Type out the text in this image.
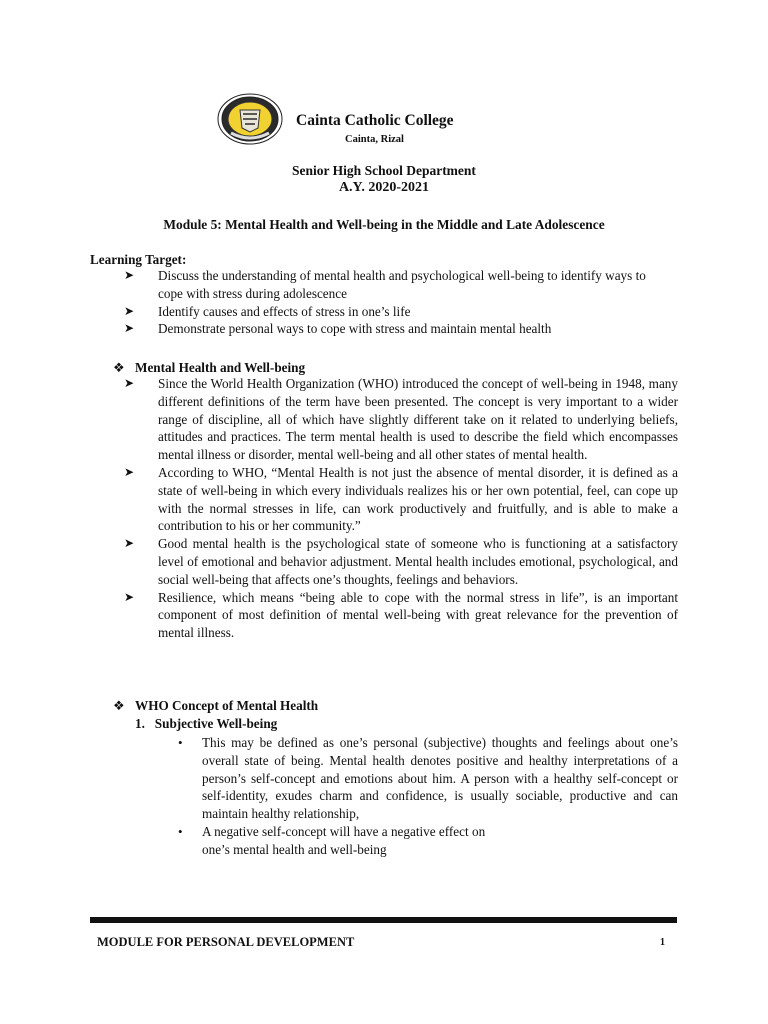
Cainta Catholic College
Cainta, Rizal
Senior High School Department
A.Y. 2020-2021
Module 5: Mental Health and Well-being in the Middle and Late Adolescence
Learning Target:
➤ Discuss the understanding of mental health and psychological well-being to identify ways to cope with stress during adolescence
➤ Identify causes and effects of stress in one’s life
➤ Demonstrate personal ways to cope with stress and maintain mental health
❖ Mental Health and Well-being
➤ Since the World Health Organization (WHO) introduced the concept of well-being in 1948, many different definitions of the term have been presented. The concept is very important to a wider range of discipline, all of which have slightly different take on it related to underlying beliefs, attitudes and practices. The term mental health is used to describe the field which encompasses mental illness or disorder, mental well-being and all other states of mental health.
➤ According to WHO, “Mental Health is not just the absence of mental disorder, it is defined as a state of well-being in which every individuals realizes his or her own potential, feel, can cope up with the normal stresses in life, can work productively and fruitfully, and is able to make a contribution to his or her community.”
➤ Good mental health is the psychological state of someone who is functioning at a satisfactory level of emotional and behavior adjustment. Mental health includes emotional, psychological, and social well-being that affects one’s thoughts, feelings and behaviors.
➤ Resilience, which means “being able to cope with the normal stress in life”, is an important component of most definition of mental well-being with great relevance for the prevention of mental illness.
❖ WHO Concept of Mental Health
1.   Subjective Well-being
• This may be defined as one’s personal (subjective) thoughts and feelings about one’s overall state of being. Mental health denotes positive and healthy interpretations of a person’s self-concept and emotions about him. A person with a healthy self-concept or self-identity, exudes charm and confidence, is usually sociable, productive and can maintain healthy relationship,
• A negative self-concept will have a negative effect on one’s mental health and well-being
MODULE FOR PERSONAL DEVELOPMENT	1
